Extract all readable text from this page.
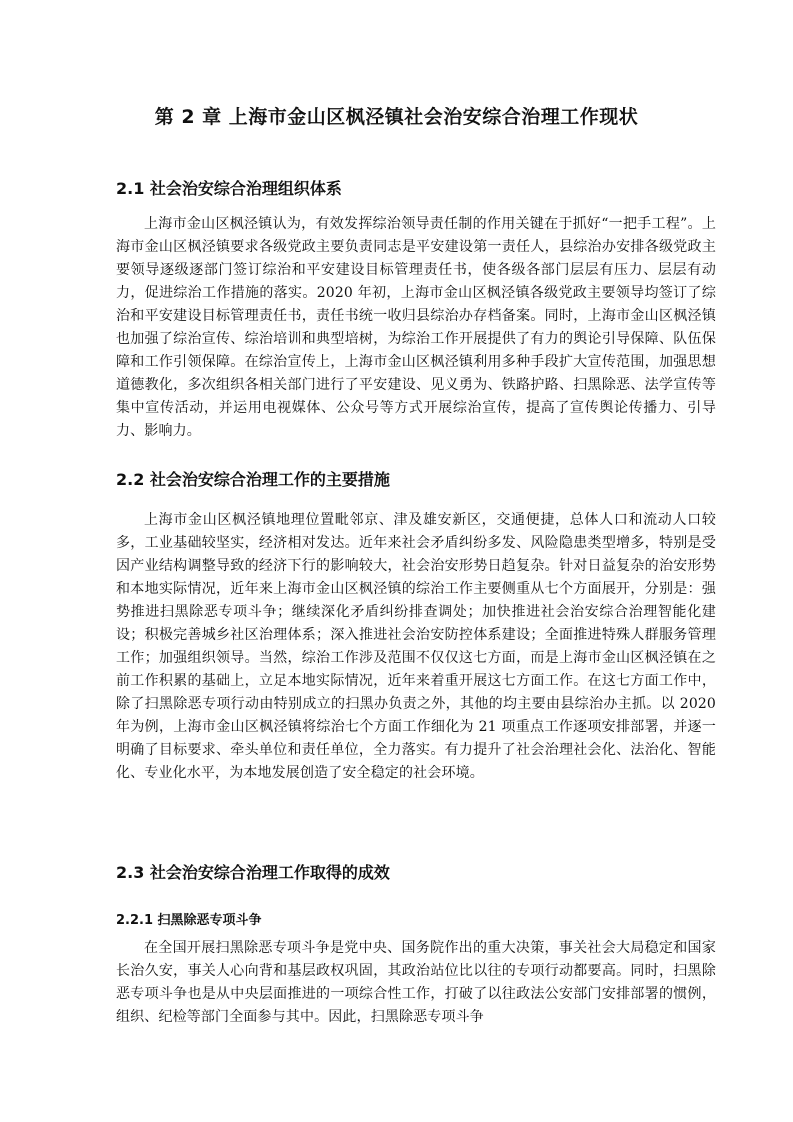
第 2 章 上海市金山区枫泾镇社会治安综合治理工作现状
2.1 社会治安综合治理组织体系

上海市金山区枫泾镇认为，有效发挥综治领导责任制的作用关键在于抓好“一把手工程”。上海市金山区枫泾镇要求各级党政主要负责同志是平安建设第一责任人，县综治办安排各级党政主要领导逐级逐部门签订综治和平安建设目标管理责任书，使各级各部门层层有压力、层层有动力，促进综治工作措施的落实。2020 年初，上海市金山区枫泾镇各级党政主要领导均签订了综治和平安建设目标管理责任书，责任书统一收归县综治办存档备案。同时，上海市金山区枫泾镇也加强了综治宣传、综治培训和典型培树，为综治工作开展提供了有力的舆论引导保障、队伍保障和工作引领保障。在综治宣传上，上海市金山区枫泾镇利用多种手段扩大宣传范围，加强思想道德教化，多次组织各相关部门进行了平安建设、见义勇为、铁路护路、扫黑除恶、法学宣传等集中宣传活动，并运用电视媒体、公众号等方式开展综治宣传，提高了宣传舆论传播力、引导力、影响力。

2.2 社会治安综合治理工作的主要措施

上海市金山区枫泾镇地理位置毗邻京、津及雄安新区，交通便捷，总体人口和流动人口较多，工业基础较坚实，经济相对发达。近年来社会矛盾纠纷多发、风险隐患类型增多，特别是受因产业结构调整导致的经济下行的影响较大，社会治安形势日趋复杂。针对日益复杂的治安形势和本地实际情况，近年来上海市金山区枫泾镇的综治工作主要侧重从七个方面展开，分别是：强势推进扫黑除恶专项斗争；继续深化矛盾纠纷排查调处；加快推进社会治安综合治理智能化建设；积极完善城乡社区治理体系；深入推进社会治安防控体系建设；全面推进特殊人群服务管理工作；加强组织领导。当然，综治工作涉及范围不仅仅这七方面，而是上海市金山区枫泾镇在之前工作积累的基础上，立足本地实际情况，近年来着重开展这七方面工作。在这七方面工作中，除了扫黑除恶专项行动由特别成立的扫黑办负责之外，其他的均主要由县综治办主抓。以 2020 年为例，上海市金山区枫泾镇将综治七个方面工作细化为 21 项重点工作逐项安排部署，并逐一明确了目标要求、牵头单位和责任单位，全力落实。有力提升了社会治理社会化、法治化、智能化、专业化水平，为本地发展创造了安全稳定的社会环境。

2.3 社会治安综合治理工作取得的成效
2.2.1 扫黑除恶专项斗争

在全国开展扫黑除恶专项斗争是党中央、国务院作出的重大决策，事关社会大局稳定和国家长治久安，事关人心向背和基层政权巩固，其政治站位比以往的专项行动都要高。同时，扫黑除恶专项斗争也是从中央层面推进的一项综合性工作，打破了以往政法公安部门安排部署的惯例，组织、纪检等部门全面参与其中。因此，扫黑除恶专项斗争
